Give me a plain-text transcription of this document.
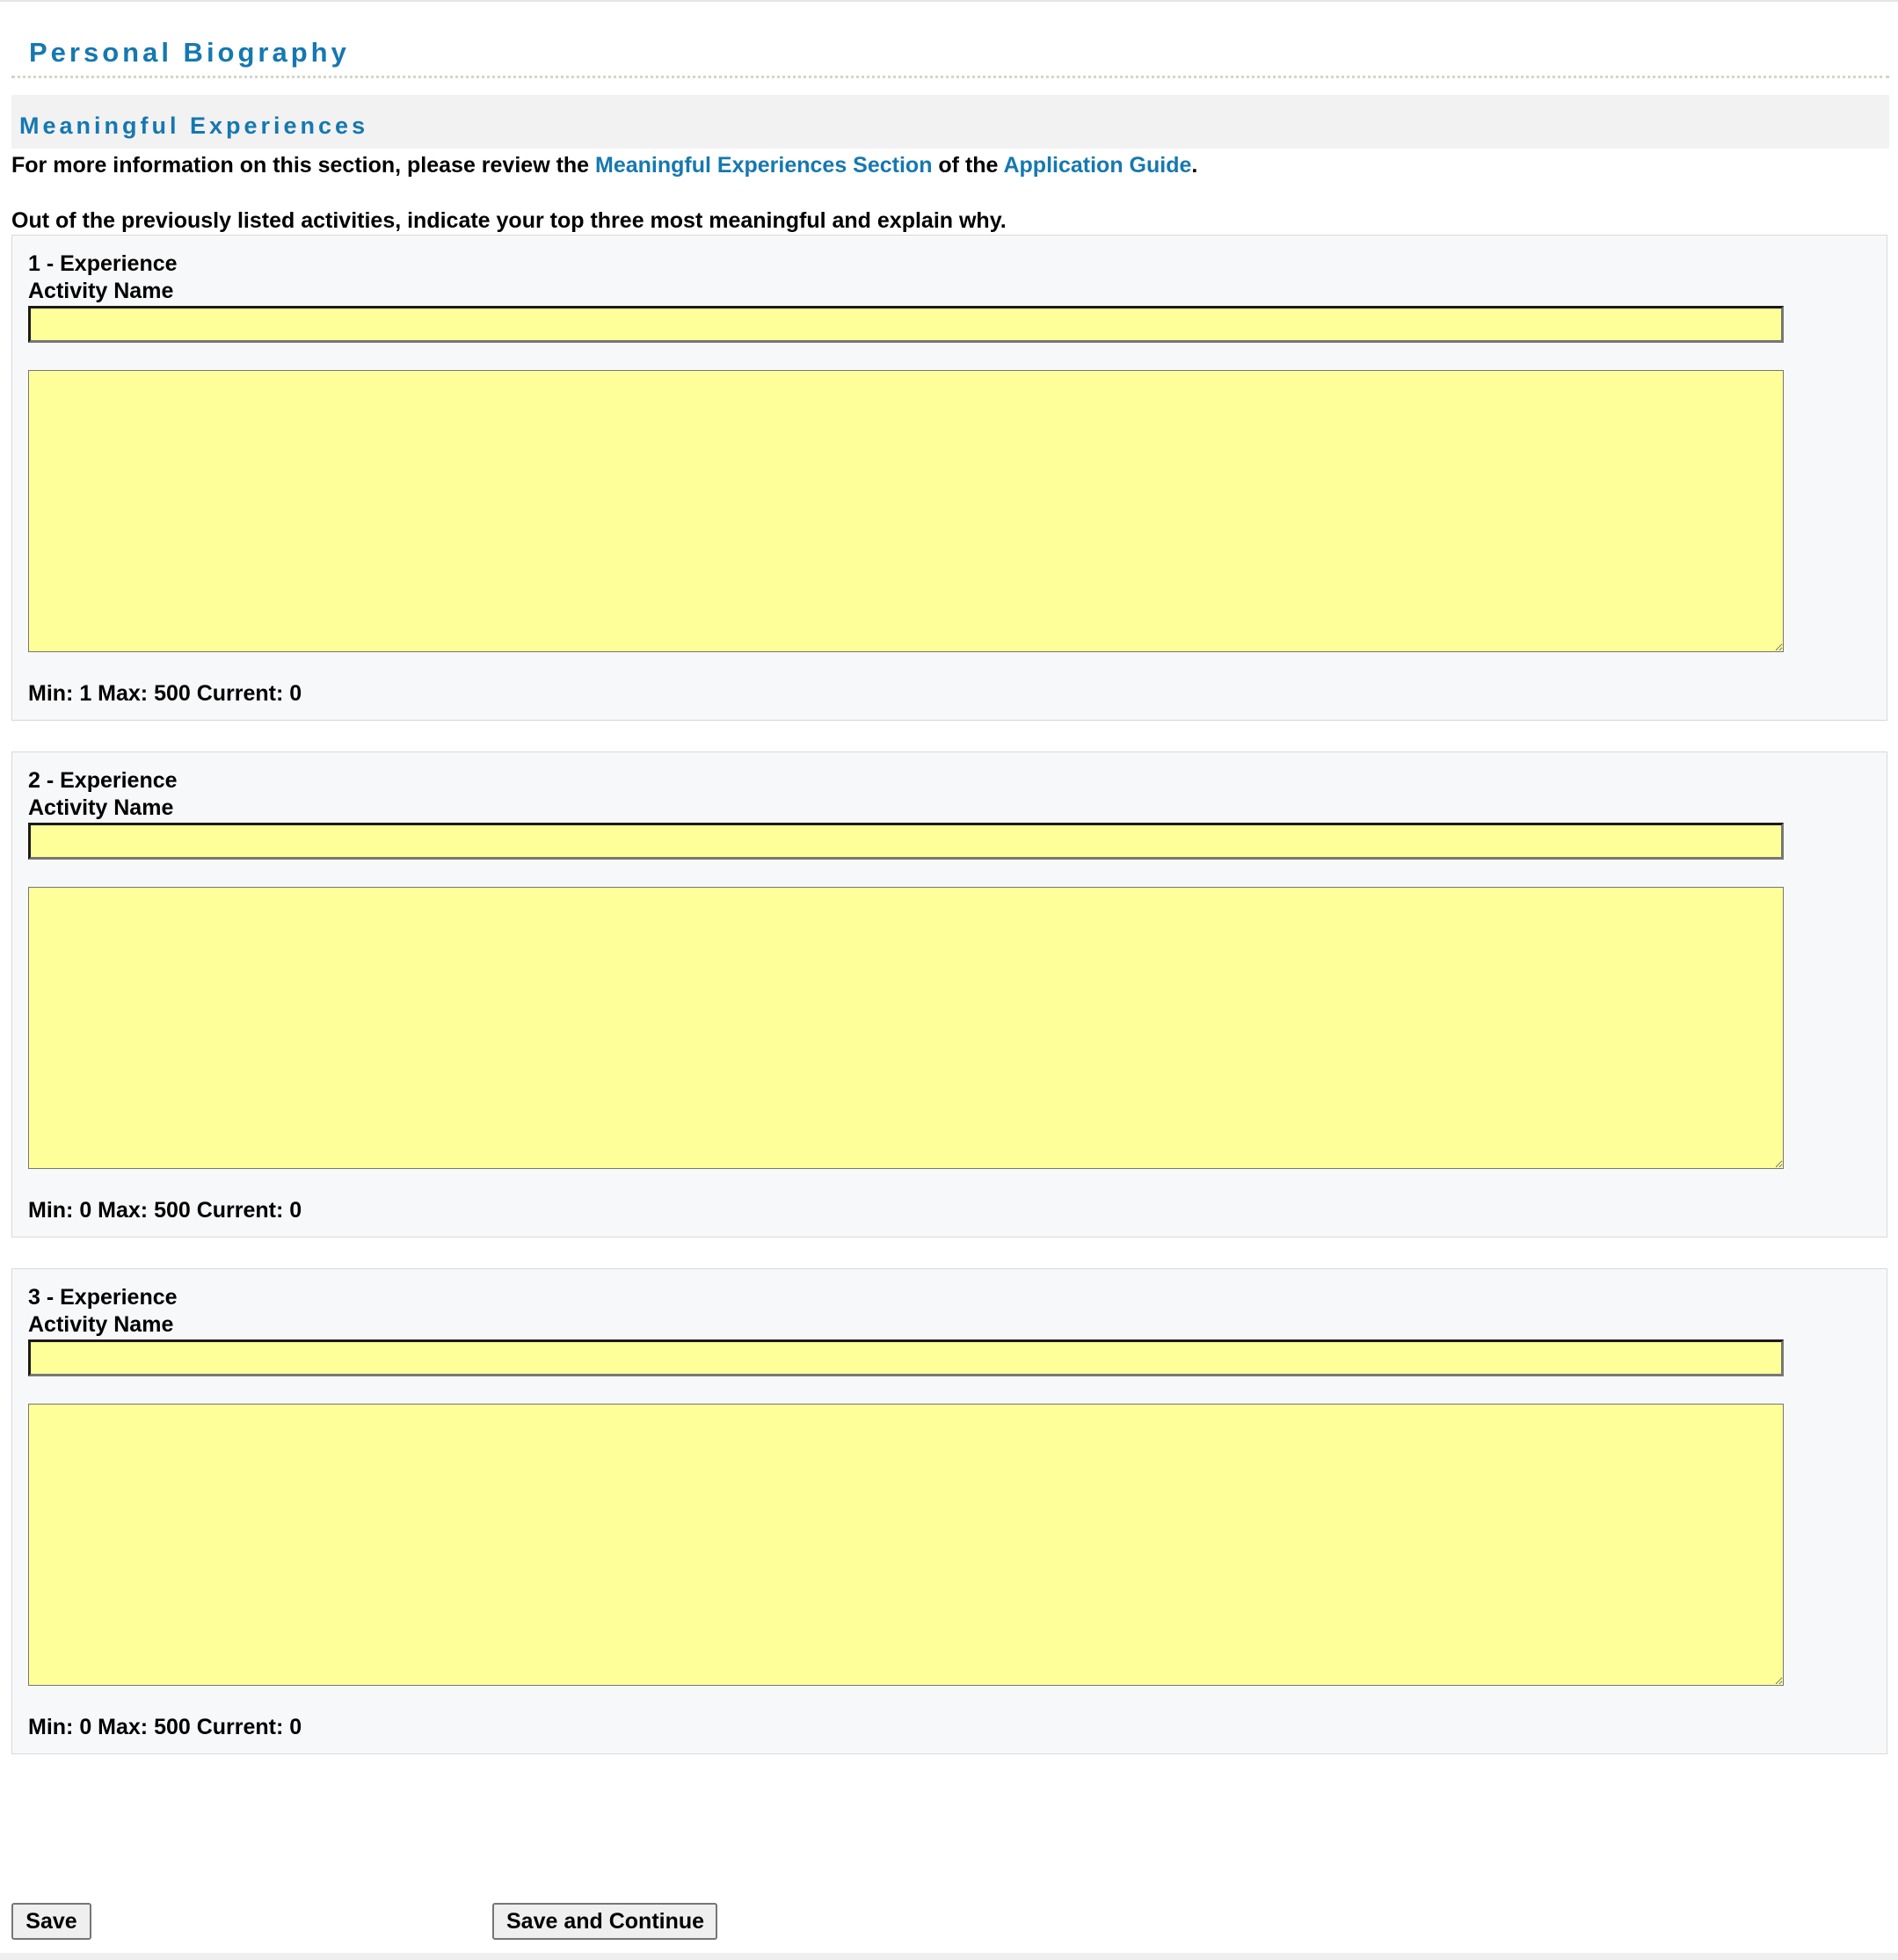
Personal Biography
Meaningful Experiences
For more information on this section, please review the Meaningful Experiences Section of the Application Guide.
Out of the previously listed activities, indicate your top three most meaningful and explain why.
1 - Experience
Activity Name
Min: 1 Max: 500 Current: 0
2 - Experience
Activity Name
Min: 0 Max: 500 Current: 0
3 - Experience
Activity Name
Min: 0 Max: 500 Current: 0
Save	Save and Continue
